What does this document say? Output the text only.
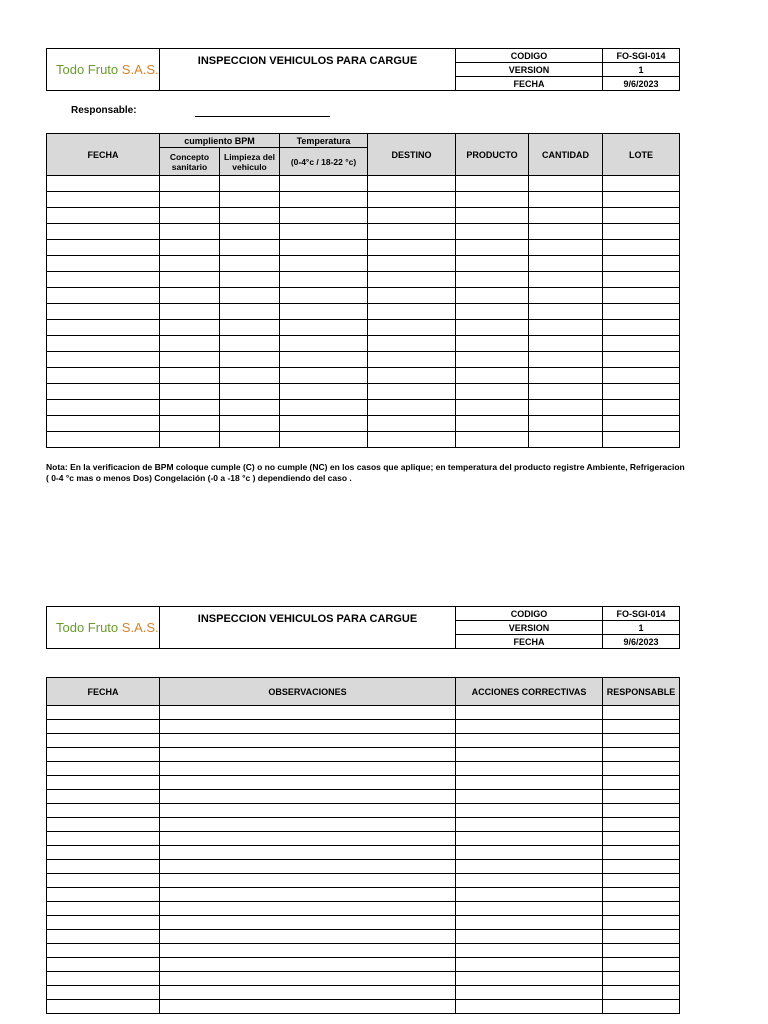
Todo Fruto S.A.S.	INSPECCION VEHICULOS PARA CARGUE	CODIGO	FO-SGI-014
		VERSION	1
		FECHA	9/6/2023
Responsable:
FECHA	cumpliento BPM		Temperatura	DESTINO	PRODUCTO	CANTIDAD	LOTE
	Concepto sanitario	Limpieza del vehiculo	(0-4°c / 18-22 °c)				

Nota: En la verificacion de BPM coloque cumple (C) o no cumple (NC) en los casos que aplique; en temperatura del producto registre Ambiente, Refrigeracion ( 0-4 °c mas o menos Dos) Congelación (-0 a -18 °c ) dependiendo del caso .
Todo Fruto S.A.S.	INSPECCION VEHICULOS PARA CARGUE	CODIGO	FO-SGI-014
		VERSION	1
		FECHA	9/6/2023
FECHA	OBSERVACIONES	ACCIONES CORRECTIVAS	RESPONSABLE
